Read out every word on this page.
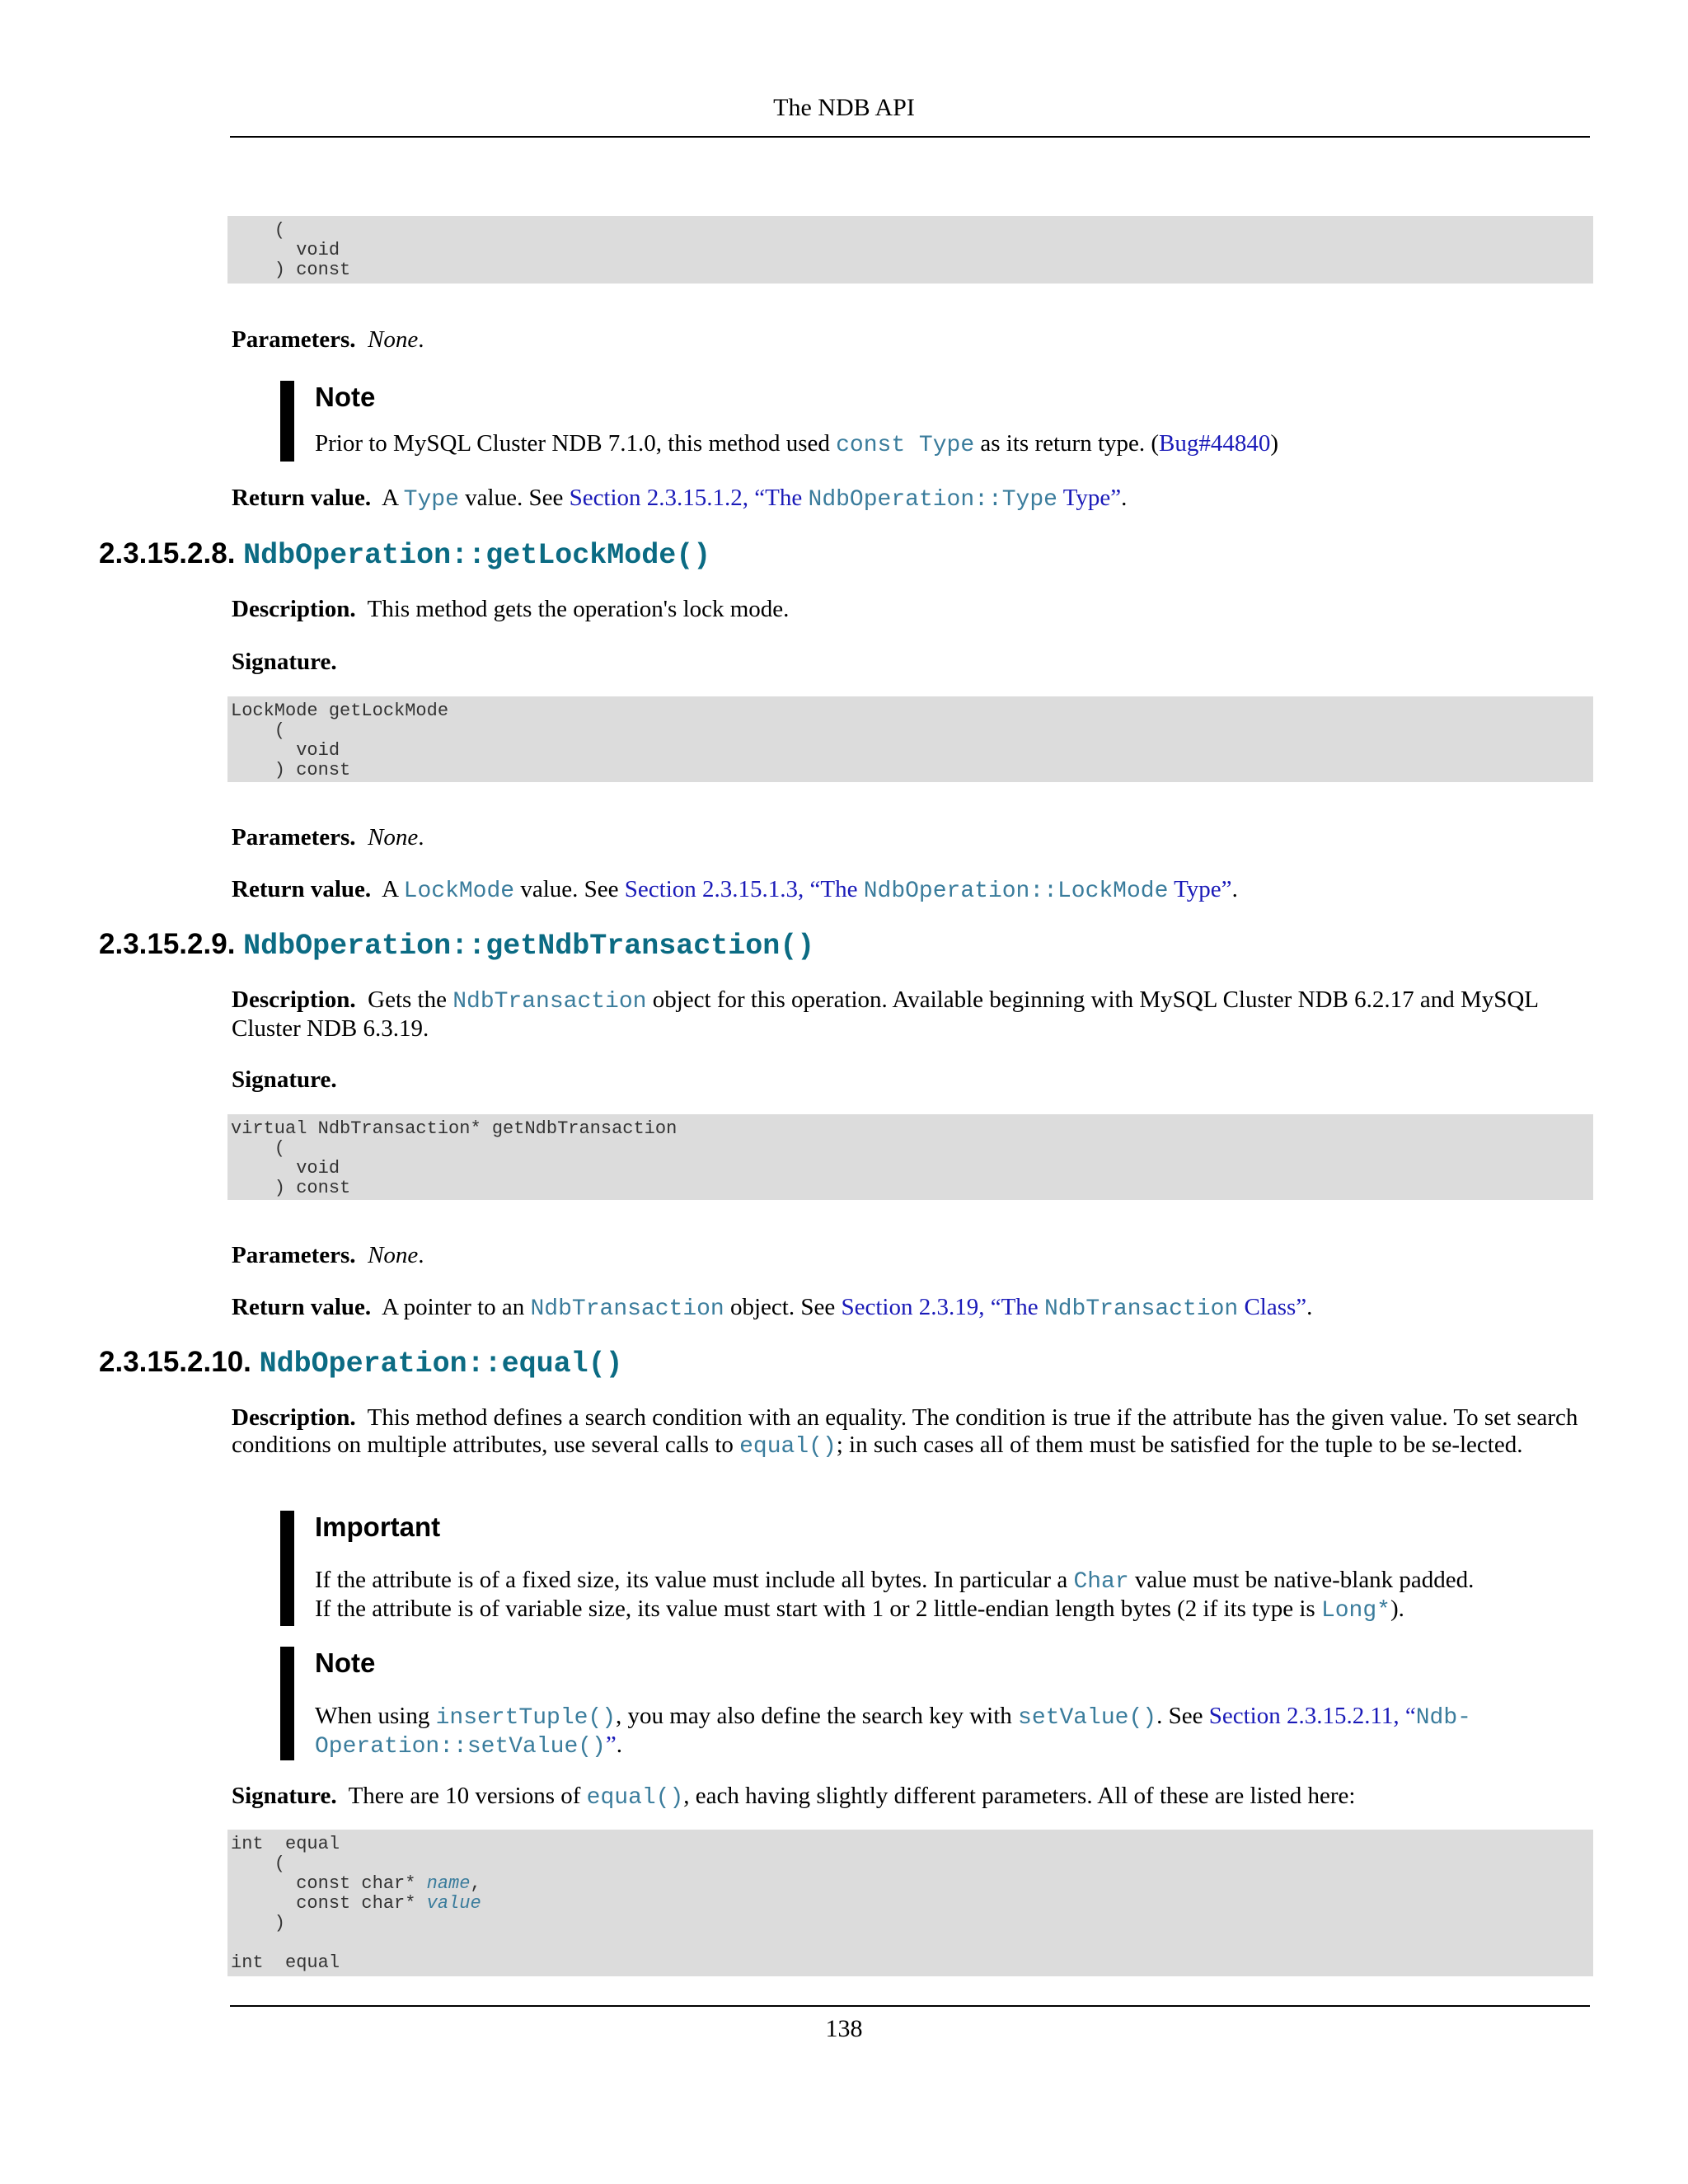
The NDB API
(
void
) const
Parameters. None.
Note
Prior to MySQL Cluster NDB 7.1.0, this method used const Type as its return type. (Bug#44840)
Return value. A Type value. See Section 2.3.15.1.2, “The NdbOperation::Type Type”.
2.3.15.2.8. NdbOperation::getLockMode()
Description. This method gets the operation's lock mode.
Signature.
LockMode getLockMode
(
void
) const
Parameters. None.
Return value. A LockMode value. See Section 2.3.15.1.3, “The NdbOperation::LockMode Type”.
2.3.15.2.9. NdbOperation::getNdbTransaction()
Description. Gets the NdbTransaction object for this operation. Available beginning with MySQL Cluster NDB 6.2.17 and MySQL Cluster NDB 6.3.19.
Signature.
virtual NdbTransaction* getNdbTransaction
(
void
) const
Parameters. None.
Return value. A pointer to an NdbTransaction object. See Section 2.3.19, “The NdbTransaction Class”.
2.3.15.2.10. NdbOperation::equal()
Description. This method defines a search condition with an equality. The condition is true if the attribute has the given value. To set search conditions on multiple attributes, use several calls to equal(); in such cases all of them must be satisfied for the tuple to be se-lected.
Important
If the attribute is of a fixed size, its value must include all bytes. In particular a Char value must be native-blank padded.
If the attribute is of variable size, its value must start with 1 or 2 little-endian length bytes (2 if its type is Long*).
Note
When using insertTuple(), you may also define the search key with setValue(). See Section 2.3.15.2.11, “Ndb-Operation::setValue()”.
Signature. There are 10 versions of equal(), each having slightly different parameters. All of these are listed here:
int  equal
(
const char* name,
const char* value
)

int  equal
138
